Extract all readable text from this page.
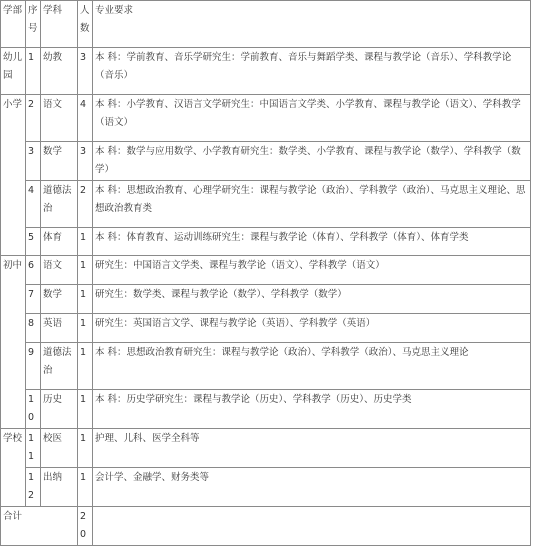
学部	序号	学科	人数	专业要求
幼儿园	1	幼教	3	本 科：学前教育、音乐学研究生：学前教育、音乐与舞蹈学类、课程与教学论（音乐）、学科教学论（音乐）
小学	2	语文	4	本 科：小学教育、汉语言文学研究生：中国语言文学类、小学教育、课程与教学论（语文）、学科教学（语文）
	3	数学	3	本 科：数学与应用数学、小学教育研究生：数学类、小学教育、课程与教学论（数学）、学科教学（数学）
	4	道德法治	2	本 科：思想政治教育、心理学研究生：课程与教学论（政治）、学科教学（政治）、马克思主义理论、思想政治教育类
	5	体育	1	本 科：体育教育、运动训练研究生：课程与教学论（体育）、学科教学（体育）、体育学类
初中	6	语文	1	研究生：中国语言文学类、课程与教学论（语文）、学科教学（语文）
	7	数学	1	研究生：数学类、课程与教学论（数学）、学科教学（数学）
	8	英语	1	研究生：英国语言文学、课程与教学论（英语）、学科教学（英语）
	9	道德法治	1	本 科：思想政治教育研究生：课程与教学论（政治）、学科教学（政治）、马克思主义理论
	10	历史	1	本 科：历史学研究生：课程与教学论（历史）、学科教学（历史）、历史学类
学校	11	校医	1	护理、儿科、医学全科等
	12	出纳	1	会计学、金融学、财务类等
合计			20	
